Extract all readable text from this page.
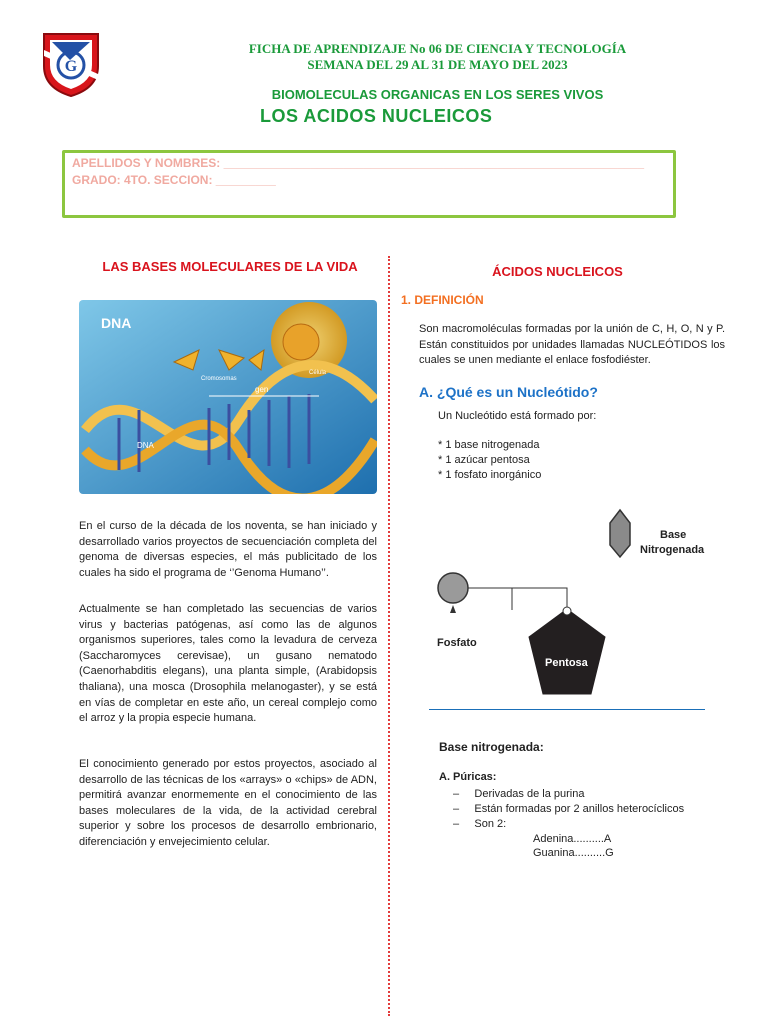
G
FICHA DE APRENDIZAJE No 06 DE CIENCIA Y TECNOLOGÍA
SEMANA DEL 29 AL 31 DE MAYO DEL 2023
BIOMOLECULAS ORGANICAS EN LOS SERES VIVOS
LOS ACIDOS NUCLEICOS
APELLIDOS Y NOMBRES: _______________________________________________________________
GRADO: 4TO. SECCION: _________
LAS BASES MOLECULARES DE LA VIDA
DNA
Cromosomas
Célula
gen
DNA
En el curso de la década de los noventa, se han iniciado y desarrollado varios proyectos de secuenciación completa del genoma de diversas especies, el más publicitado de los cuales ha sido el programa de ‘’Genoma Humano’’.
Actualmente se han completado las secuencias de varios virus y bacterias patógenas, así como las de algunos organismos superiores, tales como la levadura de cerveza (Saccharomyces cerevisae), un gusano nematodo (Caenorhabditis elegans), una planta simple, (Arabidopsis thaliana), una mosca (Drosophila melanogaster), y se está en vías de completar en este año, un cereal complejo como el arroz y la propia especie humana.
El conocimiento generado por estos proyectos, asociado al desarrollo de las técnicas de los «arrays» o «chips» de ADN, permitirá avanzar enormemente en el conocimiento de las bases moleculares de la vida, de la actividad cerebral superior y sobre los procesos de desarrollo embrionario, diferenciación y envejecimiento celular.
ÁCIDOS NUCLEICOS
1. DEFINICIÓN
Son macromoléculas formadas por la unión de C, H, O, N y P. Están constituidos por unidades llamadas NUCLEÓTIDOS los cuales se unen mediante el enlace fosfodiéster.
A. ¿Qué es un Nucleótido?
Un Nucleótido está formado por:
* 1 base nitrogenada
* 1 azúcar pentosa
* 1 fosfato inorgánico
Base
Nitrogenada
Fosfato
Pentosa
Base nitrogenada:
A. Púricas:
–     Derivadas de la purina
–     Están formadas por 2 anillos heterocíclicos
–     Son 2:
Adenina..........A
Guanina..........G
